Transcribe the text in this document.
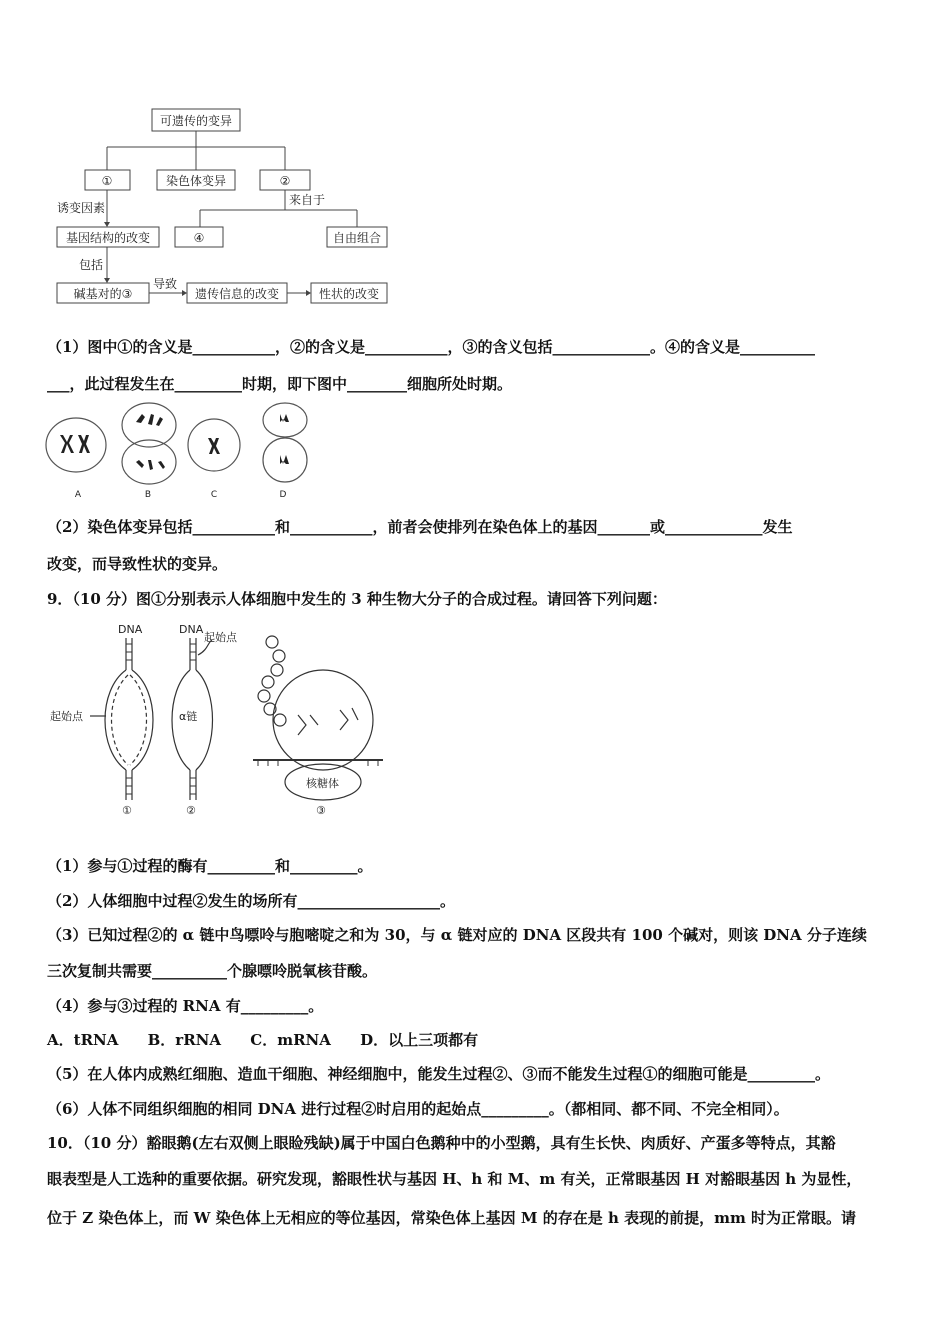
可遗传的变异
①	染色体变异	②
诱变因素
来自于
基因结构的改变	④	自由组合
包括
碱基对的③
导致
遗传信息的改变	性状的改变
（1）图中①的含义是___________，②的含义是___________，③的含义包括_____________。④的含义是__________
___，此过程发生在_________时期，即下图中________细胞所处时期。
A	B	C	D
（2）染色体变异包括___________和___________，前者会使排列在染色体上的基因_______或_____________发生
改变，而导致性状的变异。
9．（10 分）图①分别表示人体细胞中发生的 3 种生物大分子的合成过程。请回答下列问题：
DNA	DNA
起始点
起始点	α链
核糖体
①	②	③
（1）参与①过程的酶有_________和_________。
（2）人体细胞中过程②发生的场所有___________________。
（3）已知过程②的 α 链中鸟嘌呤与胞嘧啶之和为 30，与 α 链对应的 DNA 区段共有 100 个碱对，则该 DNA 分子连续
三次复制共需要__________个腺嘌呤脱氧核苷酸。
（4）参与③过程的 RNA 有_________。
A．tRNA B．rRNA C．mRNA D．以上三项都有
（5）在人体内成熟红细胞、造血干细胞、神经细胞中，能发生过程②、③而不能发生过程①的细胞可能是_________。
（6）人体不同组织细胞的相同 DNA 进行过程②时启用的起始点_________。（都相同、都不同、不完全相同）。
10．（10 分）豁眼鹅(左右双侧上眼睑残缺)属于中国白色鹅种中的小型鹅，具有生长快、肉质好、产蛋多等特点，其豁
眼表型是人工选种的重要依据。研究发现，豁眼性状与基因 H、h 和 M、m 有关，正常眼基因 H 对豁眼基因 h 为显性，
位于 Z 染色体上，而 W 染色体上无相应的等位基因，常染色体上基因 M 的存在是 h 表现的前提，mm 时为正常眼。请
